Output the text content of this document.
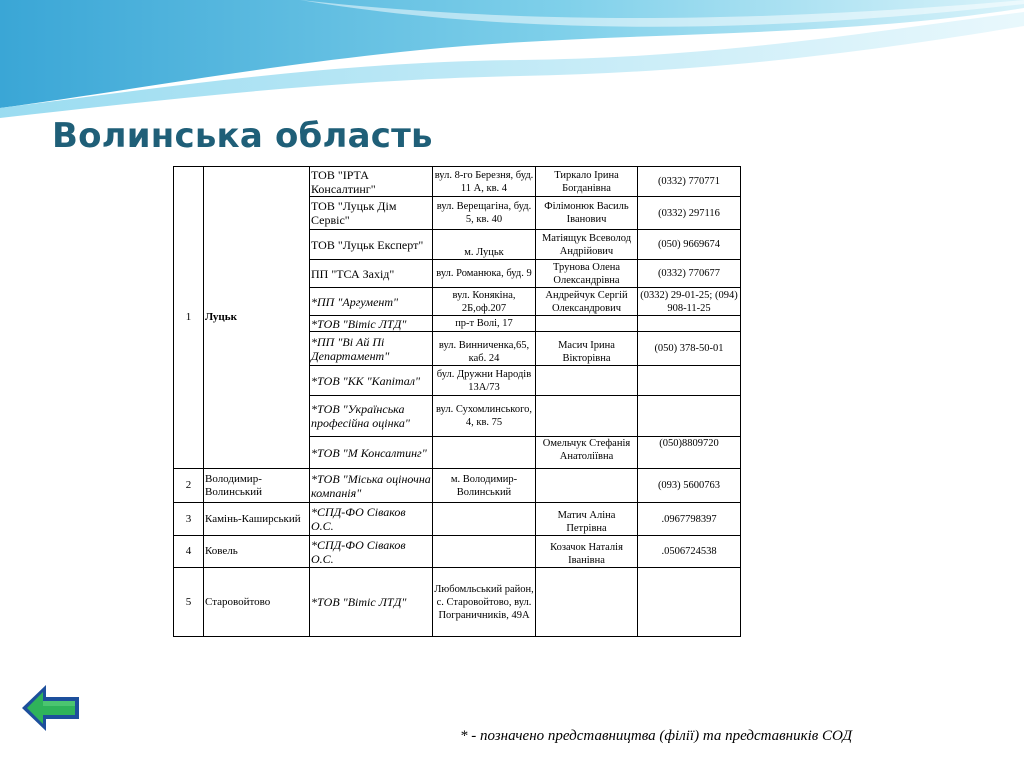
Волинська область
1	Луцьк	ТОВ "ІРТА Консалтинг"	вул. 8-го Березня, буд. 11 А, кв. 4	Тиркало Ірина Богданівна	(0332) 770771
		ТОВ "Луцьк Дім Сервіс"	вул. Верещагіна, буд. 5, кв. 40	Філімонюк Василь Іванович	(0332) 297116
		ТОВ "Луцьк Експерт"	м. Луцьк	Матіящук Всеволод Андрійович	(050) 9669674
		ПП "ТСА Захід"	вул. Романюка, буд. 9	Трунова Олена Олександрівна	(0332) 770677
		*ПП "Аргумент"	вул. Конякіна, 2Б,оф.207	Андрейчук Сергій Олександрович	(0332) 29-01-25; (094) 908-11-25
		*ТОВ "Вітіс ЛТД"	пр-т Волі, 17		
		*ПП "Ві Ай Пі Департамент"	вул. Винниченка,65, каб. 24	Масич Ірина Вікторівна	(050) 378-50-01
		*ТОВ "КК "Капітал"	бул. Дружни Народів 13А/73		
		*ТОВ "Українська професійна оцінка"	вул. Сухомлинського, 4, кв. 75		
		*ТОВ "М Консалтинг"		Омельчук Стефанія Анатоліївна	(050)8809720
2	Володимир-Волинський	*ТОВ "Міська оціночна компанія"	м. Володимир-Волинський		(093) 5600763
3	Камінь-Каширський	*СПД-ФО Сіваков О.С.		Матич Аліна Петрівна	.0967798397
4	Ковель	*СПД-ФО Сіваков О.С.		Козачок Наталія Іванівна	.0506724538
5	Старовойтово	*ТОВ "Вітіс ЛТД"	Любомльський район, с. Старовойтово, вул. Пограничників, 49А		
* - позначено представництва (філії) та представників СОД
